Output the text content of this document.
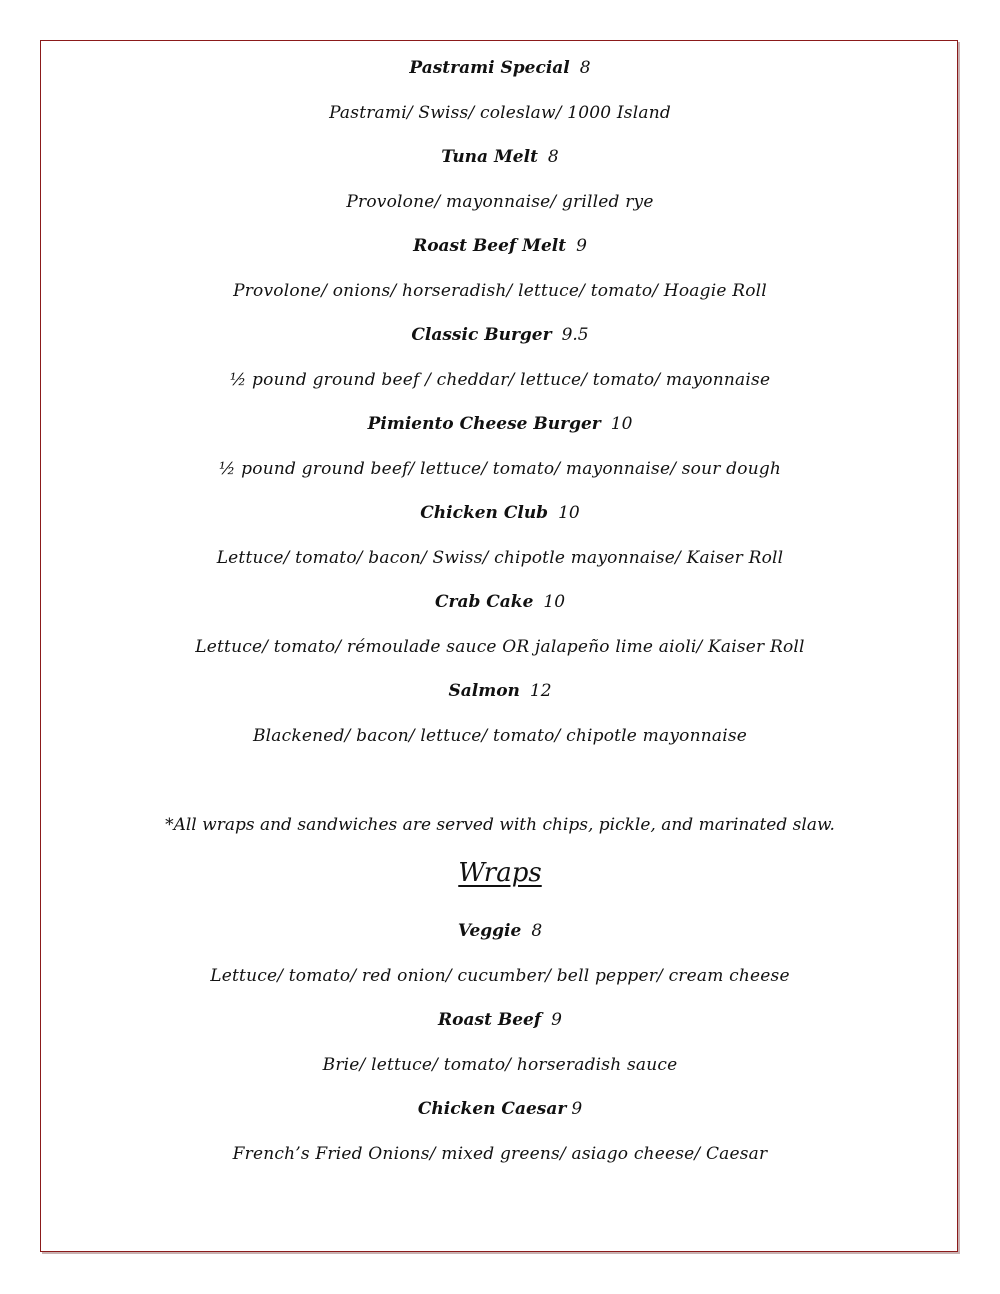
Pastrami Special 8
Pastrami/ Swiss/ coleslaw/ 1000 Island
Tuna Melt 8
Provolone/ mayonnaise/ grilled rye
Roast Beef Melt 9
Provolone/ onions/ horseradish/ lettuce/ tomato/ Hoagie Roll
Classic Burger 9.5
½ pound ground beef / cheddar/ lettuce/ tomato/ mayonnaise
Pimiento Cheese Burger 10
½ pound ground beef/ lettuce/ tomato/ mayonnaise/ sour dough
Chicken Club 10
Lettuce/ tomato/ bacon/ Swiss/ chipotle mayonnaise/ Kaiser Roll
Crab Cake 10
Lettuce/ tomato/ rémoulade sauce OR jalapeño lime aioli/ Kaiser Roll
Salmon 12
Blackened/ bacon/ lettuce/ tomato/ chipotle mayonnaise
*All wraps and sandwiches are served with chips, pickle, and marinated slaw.
Wraps
Veggie 8
Lettuce/ tomato/ red onion/ cucumber/ bell pepper/ cream cheese
Roast Beef 9
Brie/ lettuce/ tomato/ horseradish sauce
Chicken Caesar 9
French’s Fried Onions/ mixed greens/ asiago cheese/ Caesar
